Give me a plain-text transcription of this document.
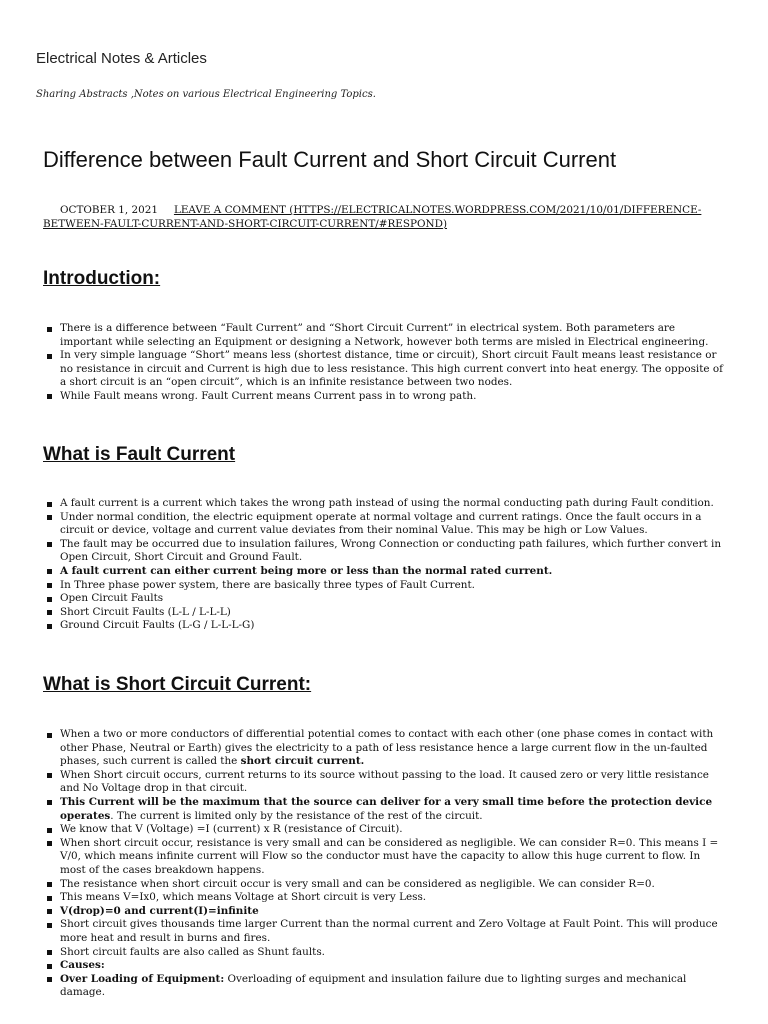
Electrical Notes & Articles
Sharing Abstracts ,Notes on various Electrical Engineering Topics.
Difference between Fault Current and Short Circuit Current
OCTOBER 1, 2021 LEAVE A COMMENT (HTTPS://ELECTRICALNOTES.WORDPRESS.COM/2021/10/01/DIFFERENCE-BETWEEN-FAULT-CURRENT-AND-SHORT-CIRCUIT-CURRENT/#RESPOND)
Introduction:
There is a difference between “Fault Current” and “Short Circuit Current” in electrical system. Both parameters are important while selecting an Equipment or designing a Network, however both terms are misled in Electrical engineering.
In very simple language “Short” means less (shortest distance, time or circuit), Short circuit Fault means least resistance or no resistance in circuit and Current is high due to less resistance. This high current convert into heat energy. The opposite of a short circuit is an “open circuit”, which is an infinite resistance between two nodes.
While Fault means wrong. Fault Current means Current pass in to wrong path.
What is Fault Current
A fault current is a current which takes the wrong path instead of using the normal conducting path during Fault condition.
Under normal condition, the electric equipment operate at normal voltage and current ratings. Once the fault occurs in a circuit or device, voltage and current value deviates from their nominal Value. This may be high or Low Values.
The fault may be occurred due to insulation failures, Wrong Connection or conducting path failures, which further convert in Open Circuit, Short Circuit and Ground Fault.
A fault current can either current being more or less than the normal rated current.
In Three phase power system, there are basically three types of Fault Current.
Open Circuit Faults
Short Circuit Faults (L-L / L-L-L)
Ground Circuit Faults (L-G / L-L-L-G)
What is Short Circuit Current:
When a two or more conductors of differential potential comes to contact with each other (one phase comes in contact with other Phase, Neutral or Earth) gives the electricity to a path of less resistance hence a large current flow in the un-faulted phases, such current is called the short circuit current.
When Short circuit occurs, current returns to its source without passing to the load. It caused zero or very little resistance and No Voltage drop in that circuit.
This Current will be the maximum that the source can deliver for a very small time before the protection device operates. The current is limited only by the resistance of the rest of the circuit.
We know that V (Voltage) =I (current) x R (resistance of Circuit).
When short circuit occur, resistance is very small and can be considered as negligible. We can consider R=0. This means I = V/0, which means infinite current will Flow so the conductor must have the capacity to allow this huge current to flow. In most of the cases breakdown happens.
The resistance when short circuit occur is very small and can be considered as negligible. We can consider R=0.
This means V=Ix0, which means Voltage at Short circuit is very Less.
V(drop)=0 and current(I)=infinite
Short circuit gives thousands time larger Current than the normal current and Zero Voltage at Fault Point. This will produce more heat and result in burns and fires.
Short circuit faults are also called as Shunt faults.
Causes:
Over Loading of Equipment: Overloading of equipment and insulation failure due to lighting surges and mechanical damage.
